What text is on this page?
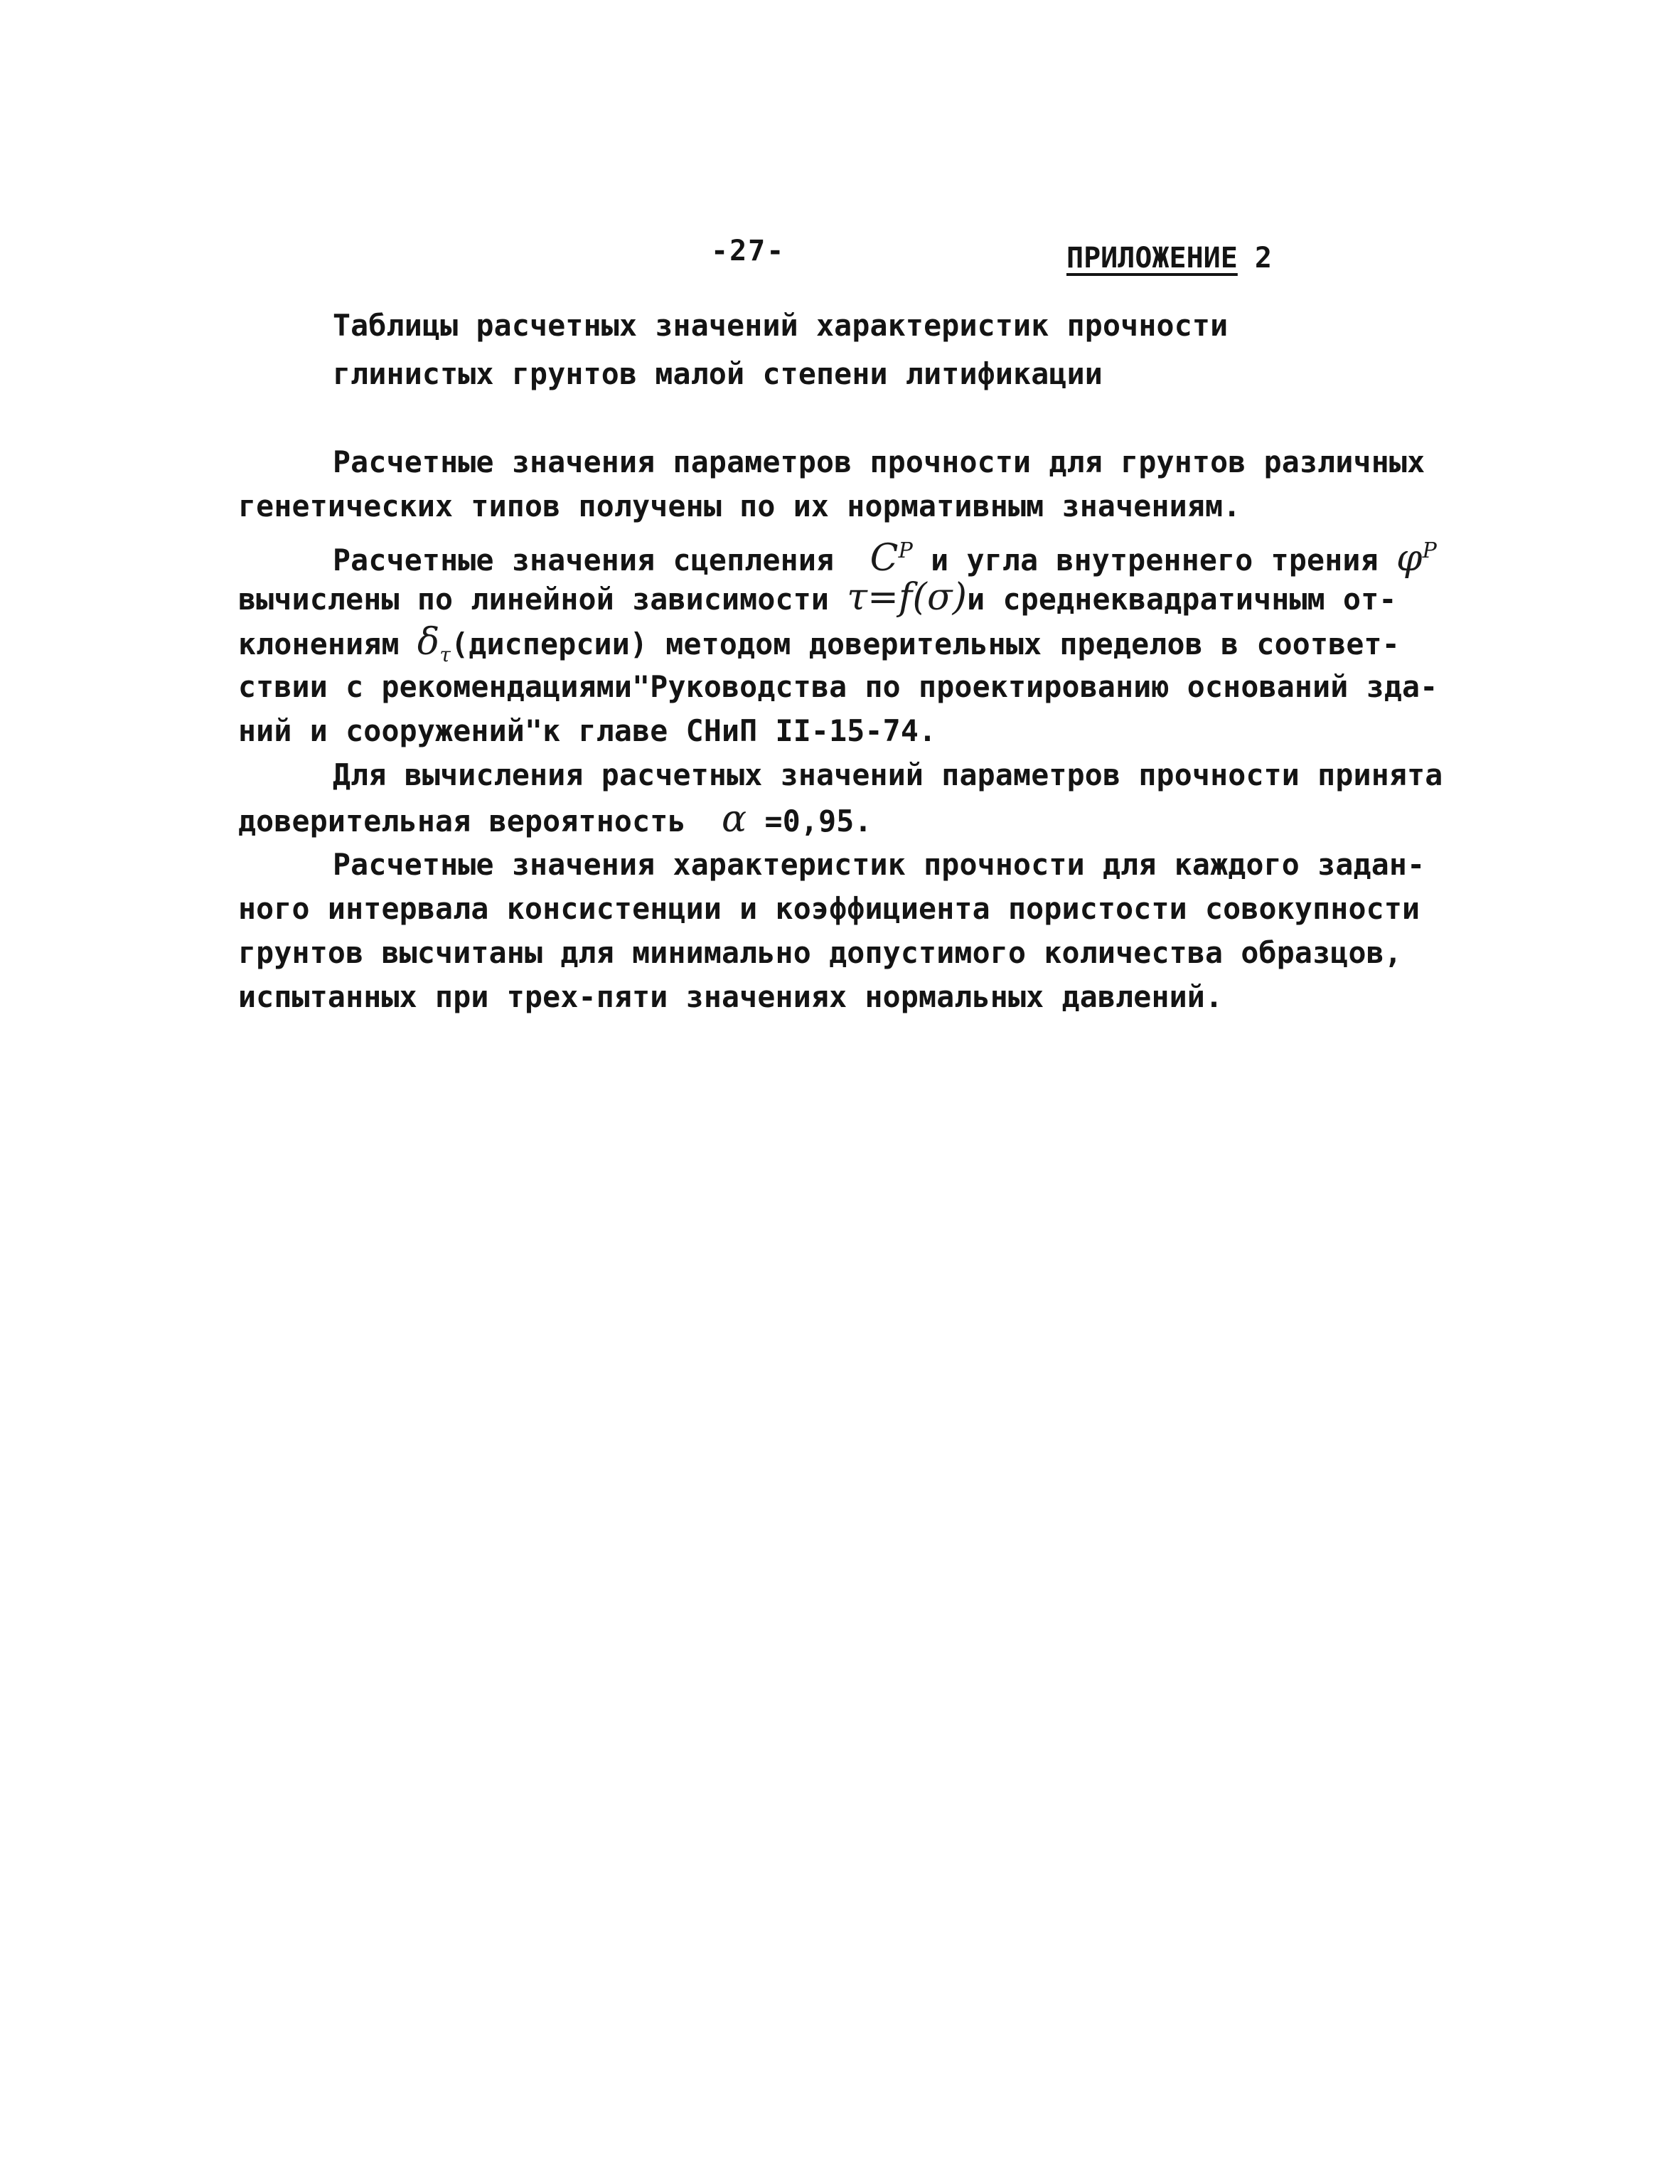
-27-	ПРИЛОЖЕНИЕ 2
Таблицы расчетных значений характеристик прочности
глинистых грунтов малой степени литификации
Расчетные значения параметров прочности для грунтов различных
генетических типов получены по их нормативным значениям.
Расчетные значения сцепления $C^P$ и угла внутреннего трения $\varphi^P$
вычислены по линейной зависимости τ=f(σ)и среднеквадратичным от-
клонениям $\delta_\tau(дисперсии)$ методом доверительных пределов в соответ-
ствии с рекомендациями"Руководства по проектированию оснований зда-
ний и сооружений"к главе СНиП II-15-74.
Для вычисления расчетных значений параметров прочности принята
доверительная вероятность α =0,95.
Расчетные значения характеристик прочности для каждого задан-
ного интервала консистенции и коэффициента пористости совокупности
грунтов высчитаны для минимально допустимого количества образцов,
испытанных при трех-пяти значениях нормальных давлений.
